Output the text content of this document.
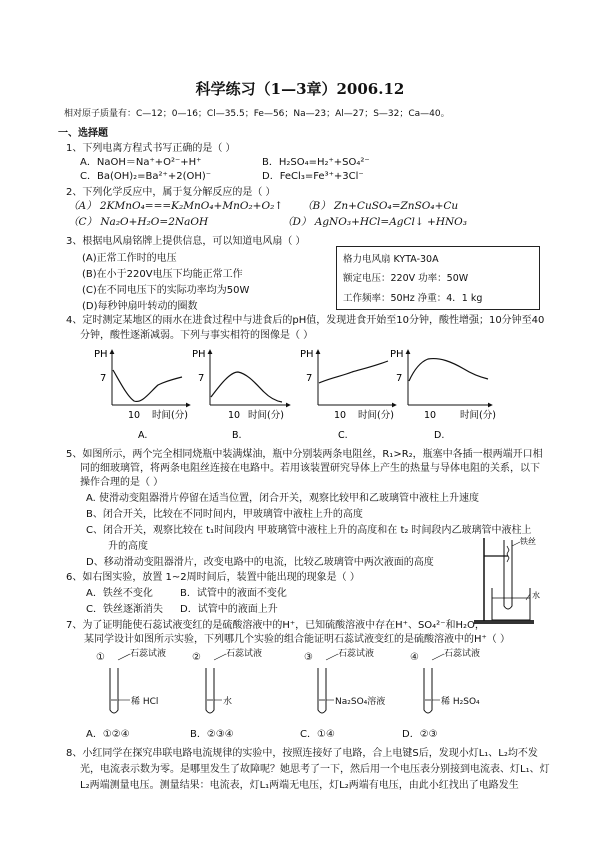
科学练习（1—3章）2006.12
相对原子质量有：C—12；0—16；Cl—35.5；Fe—56；Na—23；Al—27；S—32；Ca—40。
一、选择题
1、下列电离方程式书写正确的是（ ）
A．NaOH＝Na⁺+O²⁻+H⁺	B．H₂SO₄=H₂⁺+SO₄²⁻
C．Ba(OH)₂=Ba²⁺+2(OH)⁻	D．FeCl₃=Fe³⁺+3Cl⁻
2、下列化学反应中，属于复分解反应的是（ ）
（A） 2KMnO₄===K₂MnO₄+MnO₂+O₂↑ （B） Zn+CuSO₄=ZnSO₄+Cu
（C） Na₂O+H₂O=2NaOH	（D） AgNO₃+HCl=AgCl↓ +HNO₃
3、根据电风扇铭牌上提供信息，可以知道电风扇（ ）
(A)正常工作时的电压
(B)在小于220V电压下均能正常工作
(C)在不同电压下的实际功率均为50W
(D)每秒钟扇叶转动的圈数
格力电风扇 KYTA-30A
额定电压：220V 功率：50W
工作频率：50Hz 净重：4．1 kg
4、定时测定某地区的雨水在进食过程中与进食后的pH值，发现进食开始至10分钟，酸性增强；10分钟至40
分钟，酸性逐渐减弱。下列与事实相符的图像是（ ）
PH
7
10
A.
PH
7
B.
PH
7
C.
PH
7
10	时间(分)
D.
时间(分)	时间(分)
10	10 时间(分)
铁丝
水
5、如图所示，两个完全相同烧瓶中装满煤油，瓶中分别装两条电阻丝，R₁>R₂，瓶塞中各插一根两端开口相
同的细玻璃管，将两条电阻丝连接在电路中。若用该装置研究导体上产生的热量与导体电阻的关系，以下
操作合理的是（ ）
A. 使滑动变阻器滑片停留在适当位置，闭合开关，观察比较甲和乙玻璃管中液柱上升速度
B、闭合开关，比较在不同时间内，甲玻璃管中液柱上升的高度
C、闭合开关，观察比较在 t₁时间段内 甲玻璃管中液柱上升的高度和在 t₂ 时间段内乙玻璃管中液柱上
升的高度
D、移动滑动变阻器滑片，改变电路中的电流，比较乙玻璃管中两次液面的高度
6、如右图实验，放置 1~2周时间后，装置中能出现的现象是（ ）
A．铁丝不变化	B．试管中的液面不变化
C．铁丝逐渐消失 D．试管中的液面上升
7、为了证明能使石蕊试液变红的是硫酸溶液中的H⁺，已知硫酸溶液中存在H⁺、SO₄²⁻和H₂O，
某同学设计如图所示实验，下列哪几个实验的组合能证明石蕊试液变红的是硫酸溶液中的H⁺（ ）
①	石蕊试液
稀 HCl
②	石蕊试液
水
③	石蕊试液
Na₂SO₄溶液
④	石蕊试液
稀 H₂SO₄
A．①②④	B．②③④	C．①④	D．②③
8、小红同学在探究串联电路电流规律的实验中，按照连接好了电路，合上电键S后，发现小灯L₁、L₂均不发
光，电流表示数为零。是哪里发生了故障呢？她思考了一下，然后用一个电压表分别接到电流表、灯L₁、灯
L₂两端测量电压。测量结果：电流表，灯L₁两端无电压，灯L₂两端有电压，由此小红找出了电路发生
